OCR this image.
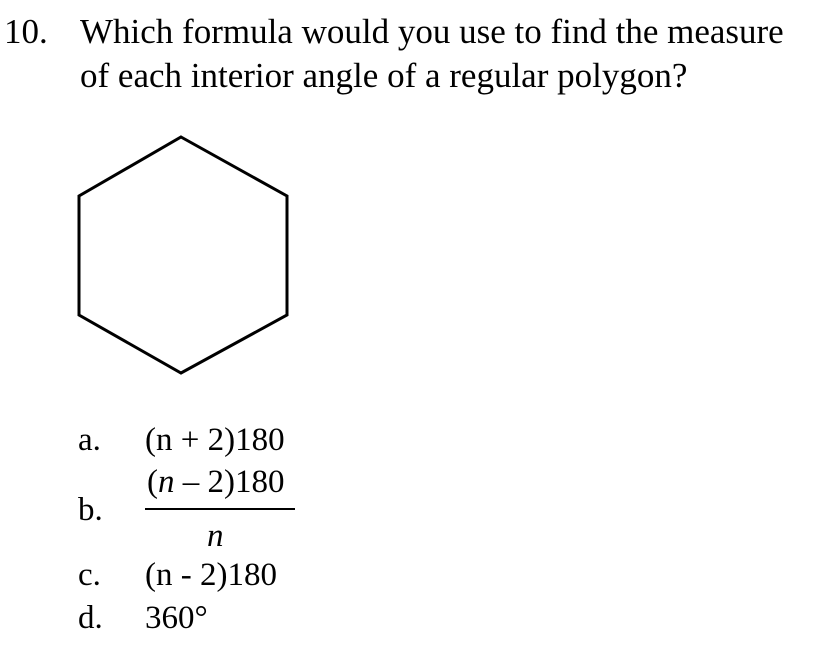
10. Which formula would you use to find the measure
of each interior angle of a regular polygon?
a. (n + 2)180
b.
(n – 2)180
n
c. (n - 2)180
d. 360°
